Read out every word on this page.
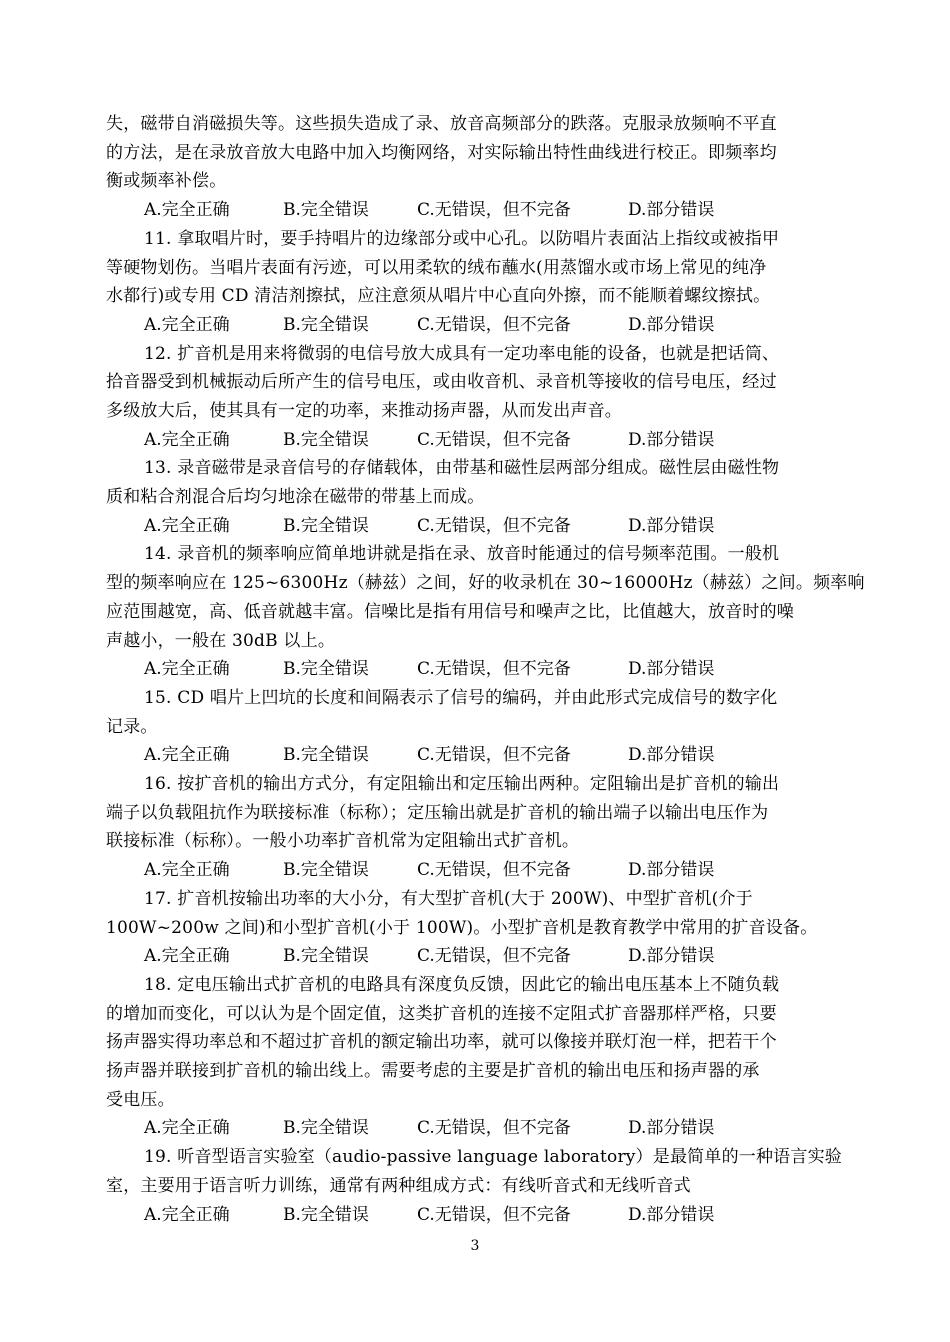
失，磁带自消磁损失等。这些损失造成了录、放音高频部分的跌落。克服录放频响不平直
的方法，是在录放音放大电路中加入均衡网络，对实际输出特性曲线进行校正。即频率均
衡或频率补偿。

A.完全正确	B.完全错误	C.无错误，但不完备	D.部分错误

11. 拿取唱片时，要手持唱片的边缘部分或中心孔。以防唱片表面沾上指纹或被指甲
等硬物划伤。当唱片表面有污迹，可以用柔软的绒布蘸水(用蒸馏水或市场上常见的纯净
水都行)或专用 CD 清洁剂擦拭，应注意须从唱片中心直向外擦，而不能顺着螺纹擦拭。

A.完全正确	B.完全错误	C.无错误，但不完备	D.部分错误

12. 扩音机是用来将微弱的电信号放大成具有一定功率电能的设备，也就是把话筒、
拾音器受到机械振动后所产生的信号电压，或由收音机、录音机等接收的信号电压，经过
多级放大后，使其具有一定的功率，来推动扬声器，从而发出声音。

A.完全正确	B.完全错误	C.无错误，但不完备	D.部分错误

13. 录音磁带是录音信号的存储载体，由带基和磁性层两部分组成。磁性层由磁性物
质和粘合剂混合后均匀地涂在磁带的带基上而成。

A.完全正确	B.完全错误	C.无错误，但不完备	D.部分错误

14. 录音机的频率响应简单地讲就是指在录、放音时能通过的信号频率范围。一般机
型的频率响应在 125~6300Hz（赫兹）之间，好的收录机在 30~16000Hz（赫兹）之间。频率响
应范围越宽，高、低音就越丰富。信噪比是指有用信号和噪声之比，比值越大，放音时的噪
声越小，一般在 30dB 以上。

A.完全正确	B.完全错误	C.无错误，但不完备	D.部分错误

15. CD 唱片上凹坑的长度和间隔表示了信号的编码，并由此形式完成信号的数字化
记录。

A.完全正确	B.完全错误	C.无错误，但不完备	D.部分错误

16. 按扩音机的输出方式分，有定阻输出和定压输出两种。定阻输出是扩音机的输出
端子以负载阻抗作为联接标准（标称）；定压输出就是扩音机的输出端子以输出电压作为
联接标准（标称）。一般小功率扩音机常为定阻输出式扩音机。

A.完全正确	B.完全错误	C.无错误，但不完备	D.部分错误

17. 扩音机按输出功率的大小分，有大型扩音机(大于 200W)、中型扩音机(介于
100W~200w 之间)和小型扩音机(小于 100W)。小型扩音机是教育教学中常用的扩音设备。

A.完全正确	B.完全错误	C.无错误，但不完备	D.部分错误

18. 定电压输出式扩音机的电路具有深度负反馈，因此它的输出电压基本上不随负载
的增加而变化，可以认为是个固定值，这类扩音机的连接不定阻式扩音器那样严格，只要
扬声器实得功率总和不超过扩音机的额定输出功率，就可以像接并联灯泡一样，把若干个
扬声器并联接到扩音机的输出线上。需要考虑的主要是扩音机的输出电压和扬声器的承
受电压。

A.完全正确	B.完全错误	C.无错误，但不完备	D.部分错误

19. 听音型语言实验室（audio-passive language laboratory）是最简单的一种语言实验
室，主要用于语言听力训练，通常有两种组成方式：有线听音式和无线听音式

A.完全正确	B.完全错误	C.无错误，但不完备	D.部分错误
3
